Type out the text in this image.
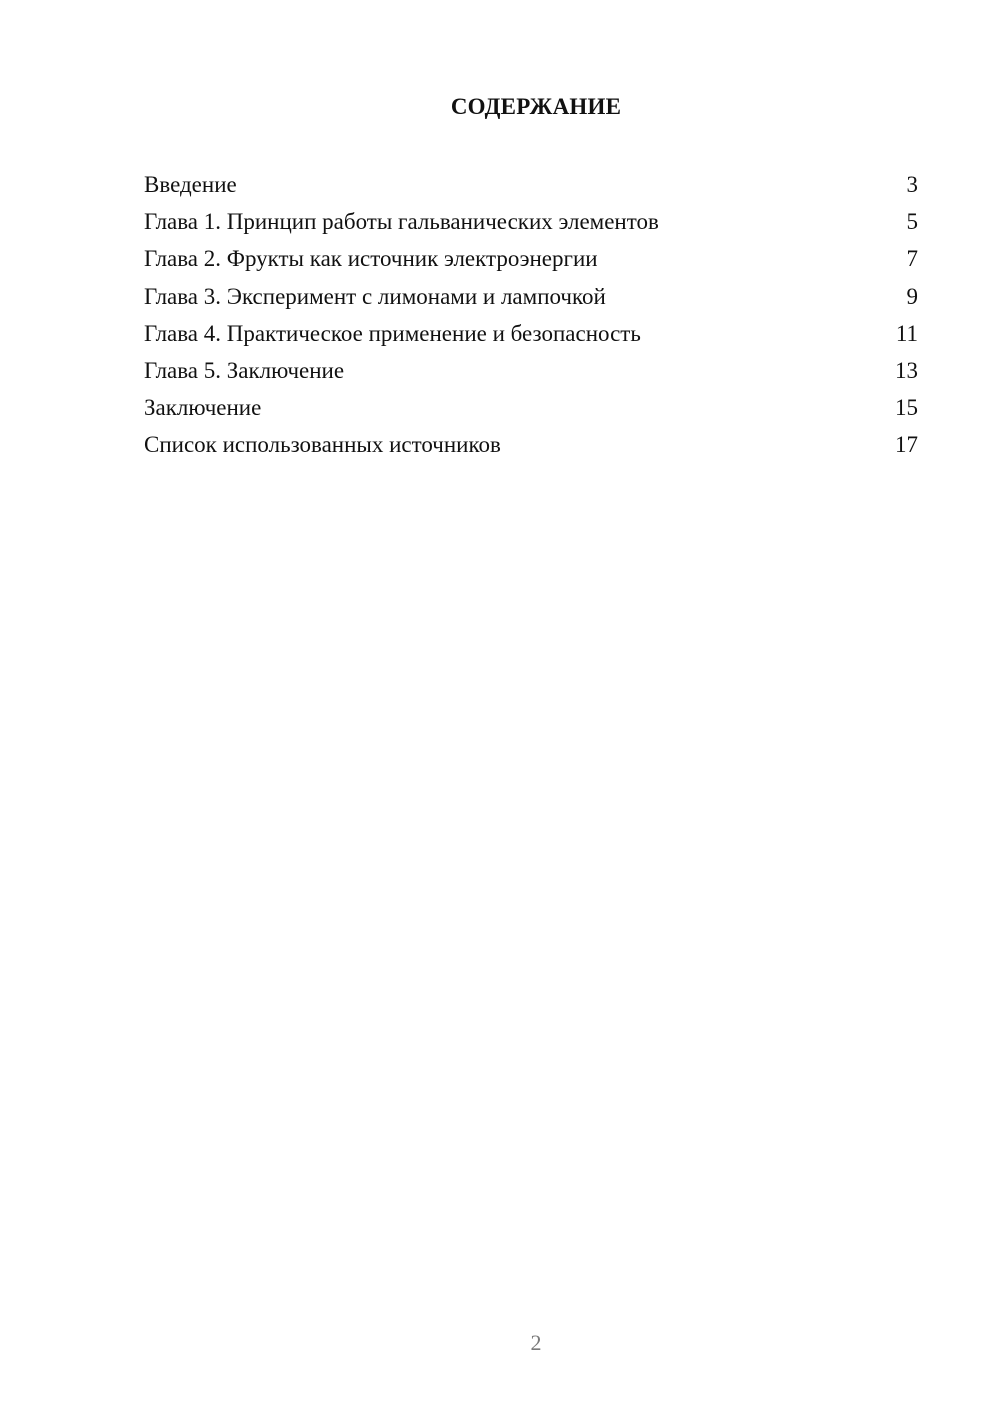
СОДЕРЖАНИЕ
Введение	3
Глава 1. Принцип работы гальванических элементов	5
Глава 2. Фрукты как источник электроэнергии	7
Глава 3. Эксперимент с лимонами и лампочкой	9
Глава 4. Практическое применение и безопасность	11
Глава 5. Заключение	13
Заключение	15
Список использованных источников	17
2
